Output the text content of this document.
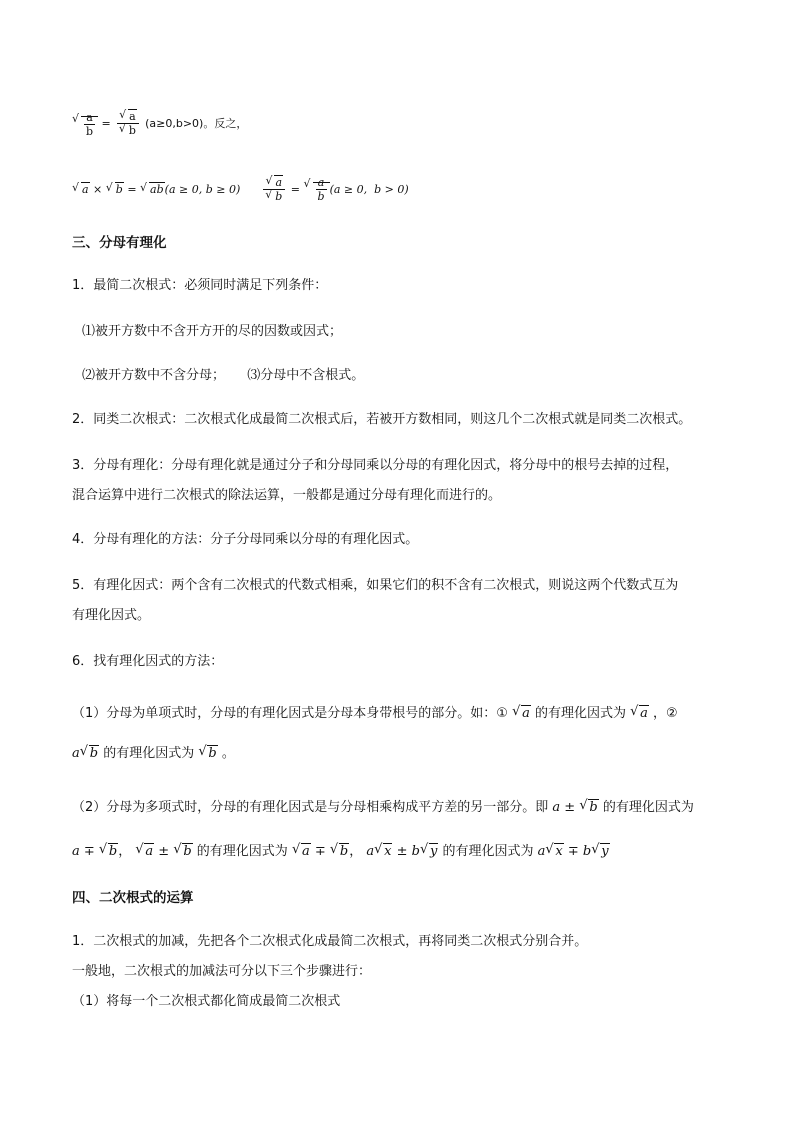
√ $\frac{a}{b}$ = √ a
√ b (a≥0,b>0)。反之，
√ a × √ b = √ ab(a ≥ 0, b ≥ 0) √ a
√ b = √ $\frac{a}{b} (a \ge 0$,  b > 0)
三、分母有理化
1．最简二次根式：必须同时满足下列条件：
⑴被开方数中不含开方开的尽的因数或因式；
⑵被开方数中不含分母； ⑶分母中不含根式。
2．同类二次根式：二次根式化成最简二次根式后，若被开方数相同，则这几个二次根式就是同类二次根式。
3．分母有理化：分母有理化就是通过分子和分母同乘以分母的有理化因式，将分母中的根号去掉的过程，
混合运算中进行二次根式的除法运算，一般都是通过分母有理化而进行的。
4．分母有理化的方法：分子分母同乘以分母的有理化因式。
5．有理化因式：两个含有二次根式的代数式相乘，如果它们的积不含有二次根式，则说这两个代数式互为
有理化因式。
6．找有理化因式的方法：
（1）分母为单项式时，分母的有理化因式是分母本身带根号的部分。如：① √ a 的有理化因式为 √ a ，②
a √ b 的有理化因式为 √ b 。
（2）分母为多项式时，分母的有理化因式是与分母相乘构成平方差的另一部分。即 a ± √ b 的有理化因式为
a ∓ √ b， √ a ± √ b 的有理化因式为 √ a ∓ √ b， a √ x ± b √ y 的有理化因式为 a √ x ∓ b √ y
四、二次根式的运算
1．二次根式的加减，先把各个二次根式化成最简二次根式，再将同类二次根式分别合并。
一般地，二次根式的加减法可分以下三个步骤进行：
（1）将每一个二次根式都化简成最简二次根式
